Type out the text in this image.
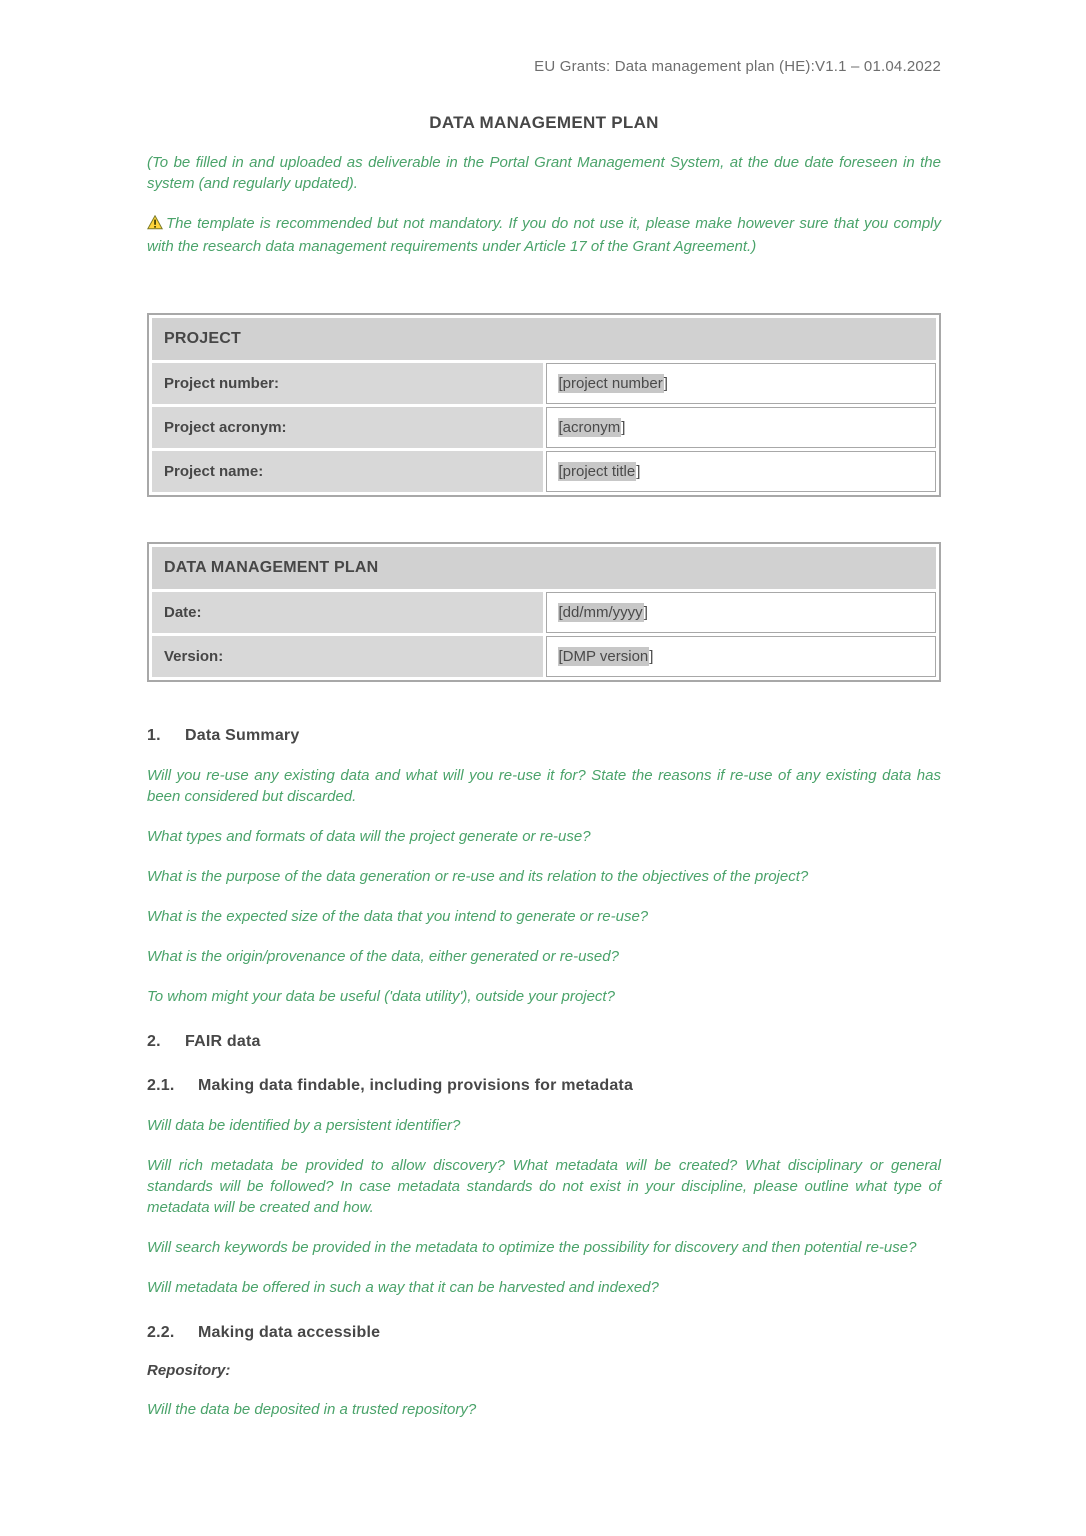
EU Grants: Data management plan (HE):V1.1 – 01.04.2022
DATA MANAGEMENT PLAN

(To be filled in and uploaded as deliverable in the Portal Grant Management System, at the due date foreseen in the system (and regularly updated).

The template is recommended but not mandatory. If you do not use it, please make however sure that you comply with the research data management requirements under Article 17 of the Grant Agreement.)

PROJECT	
Project number:	[project number]
Project acronym:	[acronym]
Project name:	[project title]
DATA MANAGEMENT PLAN	
Date:	[dd/mm/yyyy]
Version:	[DMP version]
1.	Data Summary

Will you re-use any existing data and what will you re-use it for? State the reasons if re-use of any existing data has been considered but discarded.

What types and formats of data will the project generate or re-use?

What is the purpose of the data generation or re-use and its relation to the objectives of the project?

What is the expected size of the data that you intend to generate or re-use?

What is the origin/provenance of the data, either generated or re-used?

To whom might your data be useful ('data utility'), outside your project?

2.	FAIR data
2.1.	Making data findable, including provisions for metadata

Will data be identified by a persistent identifier?

Will rich metadata be provided to allow discovery? What metadata will be created? What disciplinary or general standards will be followed? In case metadata standards do not exist in your discipline, please outline what type of metadata will be created and how.

Will search keywords be provided in the metadata to optimize the possibility for discovery and then potential re-use?

Will metadata be offered in such a way that it can be harvested and indexed?

2.2.	Making data accessible
Repository:

Will the data be deposited in a trusted repository?
